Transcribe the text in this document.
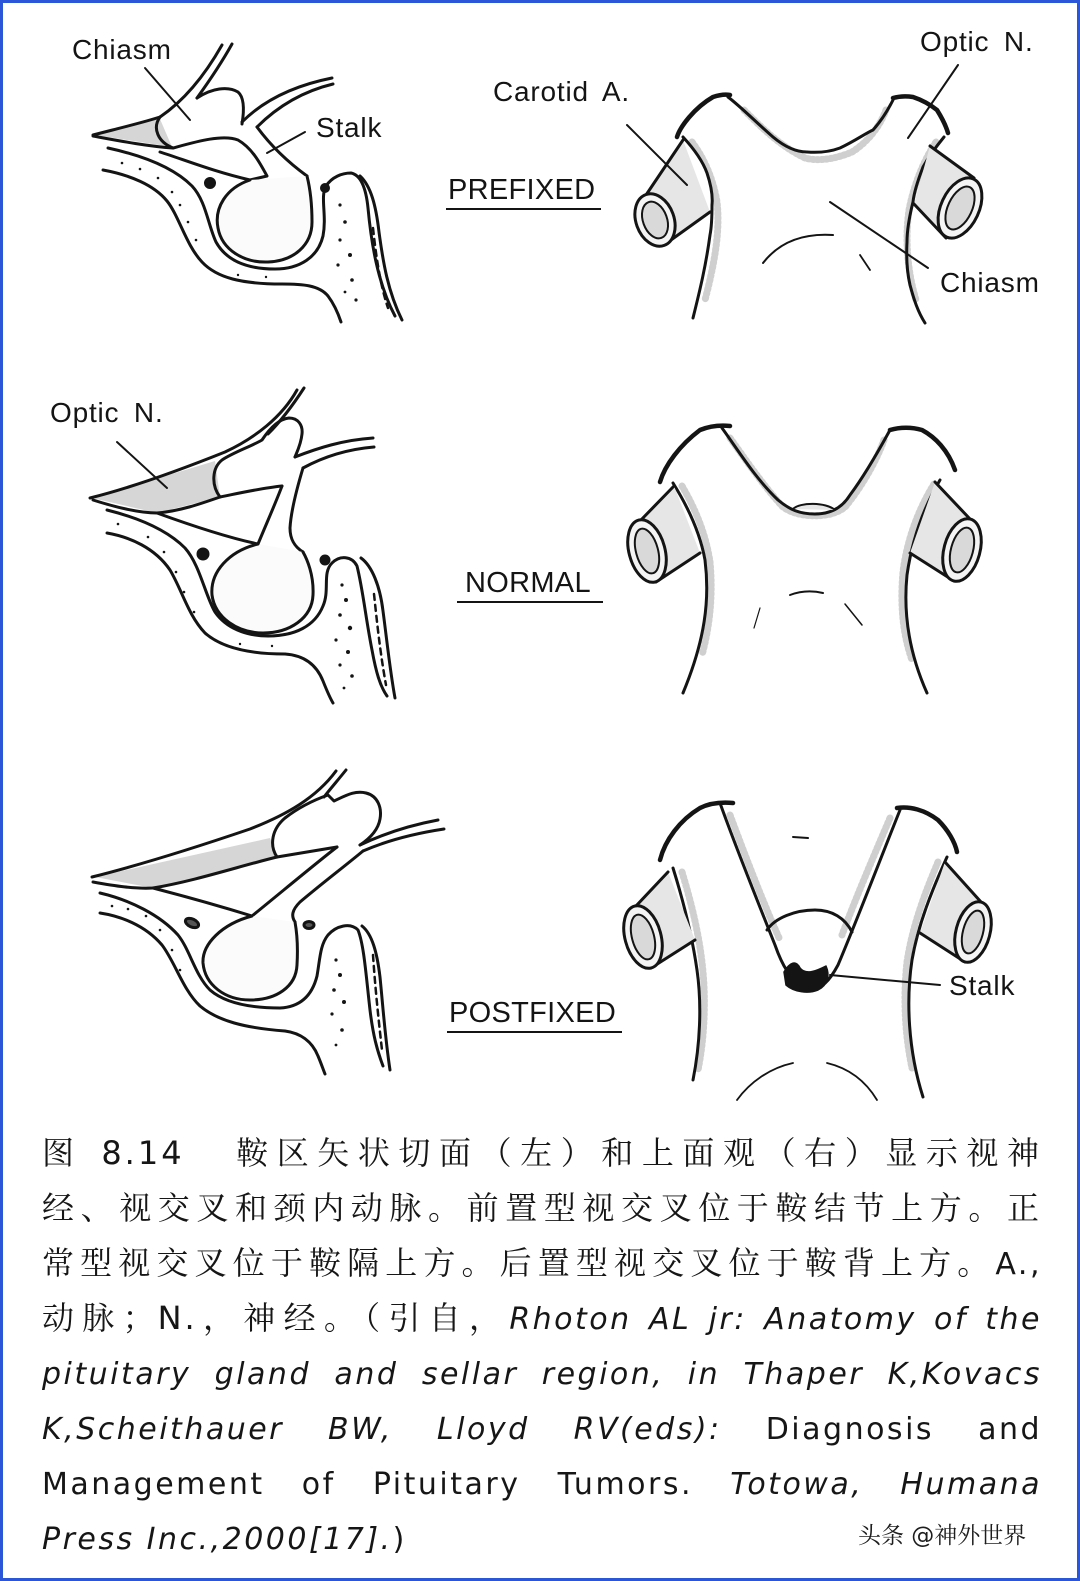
Chiasm
Stalk
Carotid A.
Optic N.
Chiasm
Optic N.
Stalk
PREFIXED
NORMAL
POSTFIXED
图 8.14 鞍区矢状切面（左）和上面观（右）显示视神
经、视交叉和颈内动脉。前置型视交叉位于鞍结节上方。正
常型视交叉位于鞍隔上方。后置型视交叉位于鞍背上方。A.,
动脉；N.，神经。（引自，Rhoton AL jr: Anatomy of the
pituitary gland and sellar region, in Thaper K,Kovacs
K,Scheithauer BW, Lloyd RV(eds): Diagnosis and
Management of Pituitary Tumors. Totowa, Humana
Press Inc.,2000[17].)	头条 @神外世界
